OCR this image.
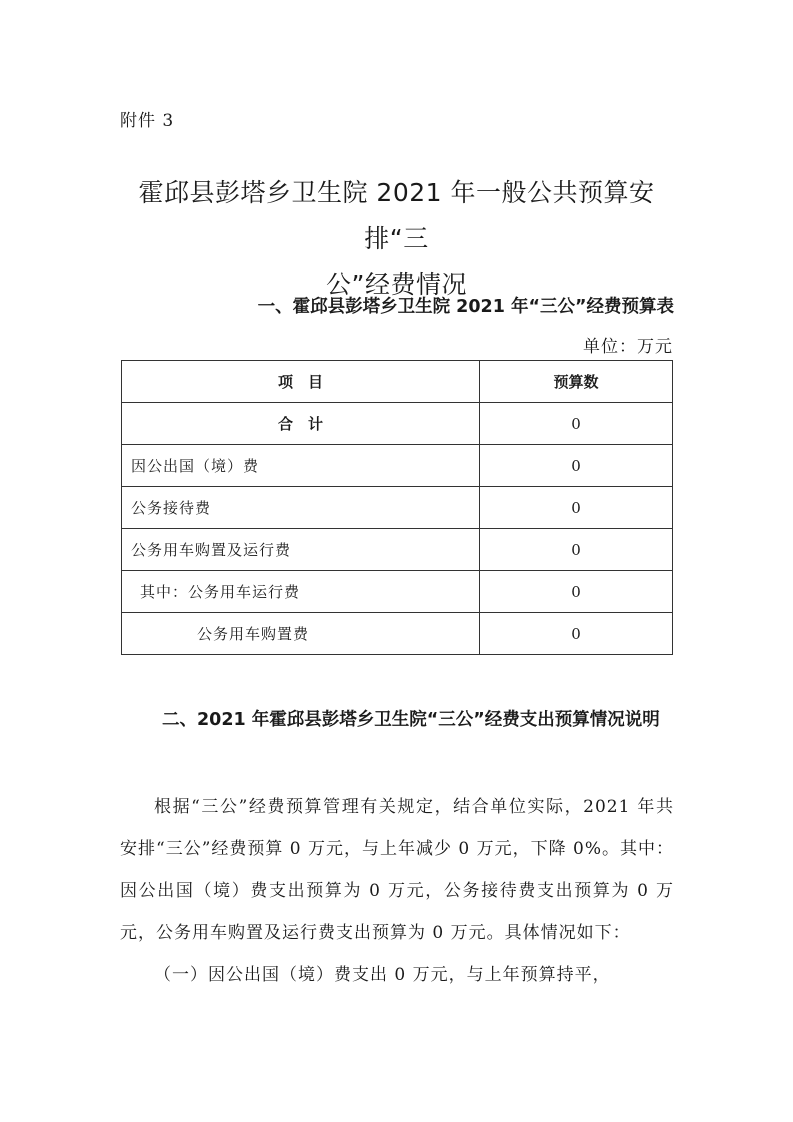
附件 3
霍邱县彭塔乡卫生院 2021 年一般公共预算安排“三
公”经费情况
一、霍邱县彭塔乡卫生院 2021 年“三公”经费预算表
单位：万元
项　目	预算数
合　计	0
因公出国（境）费	0
公务接待费	0
公务用车购置及运行费	0
其中：公务用车运行费	0
公务用车购置费	0
二、2021 年霍邱县彭塔乡卫生院“三公”经费支出预算情况说明

根据“三公”经费预算管理有关规定，结合单位实际，2021 年共安排“三公”经费预算 0 万元，与上年减少 0 万元，下降 0%。其中：因公出国（境）费支出预算为 0 万元，公务接待费支出预算为 0 万元，公务用车购置及运行费支出预算为 0 万元。具体情况如下：

（一）因公出国（境）费支出 0 万元，与上年预算持平，
